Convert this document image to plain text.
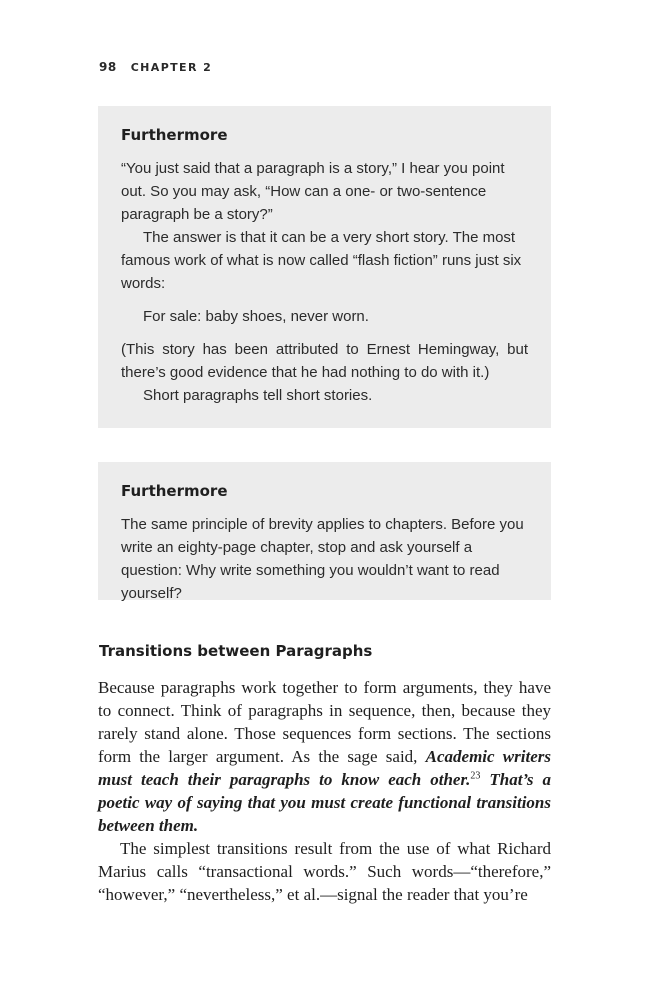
98 CHAPTER 2
Furthermore

“You just said that a paragraph is a story,” I hear you point out. So you may ask, “How can a one- or two-sentence paragraph be a story?”

The answer is that it can be a very short story. The most famous work of what is now called “flash fiction” runs just six words:

For sale: baby shoes, never worn.

(This story has been attributed to Ernest Hemingway, but there’s good evidence that he had nothing to do with it.)

Short paragraphs tell short stories.

Furthermore

The same principle of brevity applies to chapters. Before you write an eighty-page chapter, stop and ask yourself a question: Why write something you wouldn’t want to read yourself?

Transitions between Paragraphs

Because paragraphs work together to form arguments, they have to connect. Think of paragraphs in sequence, then, because they rarely stand alone. Those sequences form sections. The sections form the larger argument. As the sage said, Academic writers must teach their paragraphs to know each other.$^{23}$ That’s a poetic way of saying that you must create functional transitions between them.

The simplest transitions result from the use of what Richard Marius calls “transactional words.” Such words—“therefore,” “however,” “nevertheless,” et al.—signal the reader that you’re
